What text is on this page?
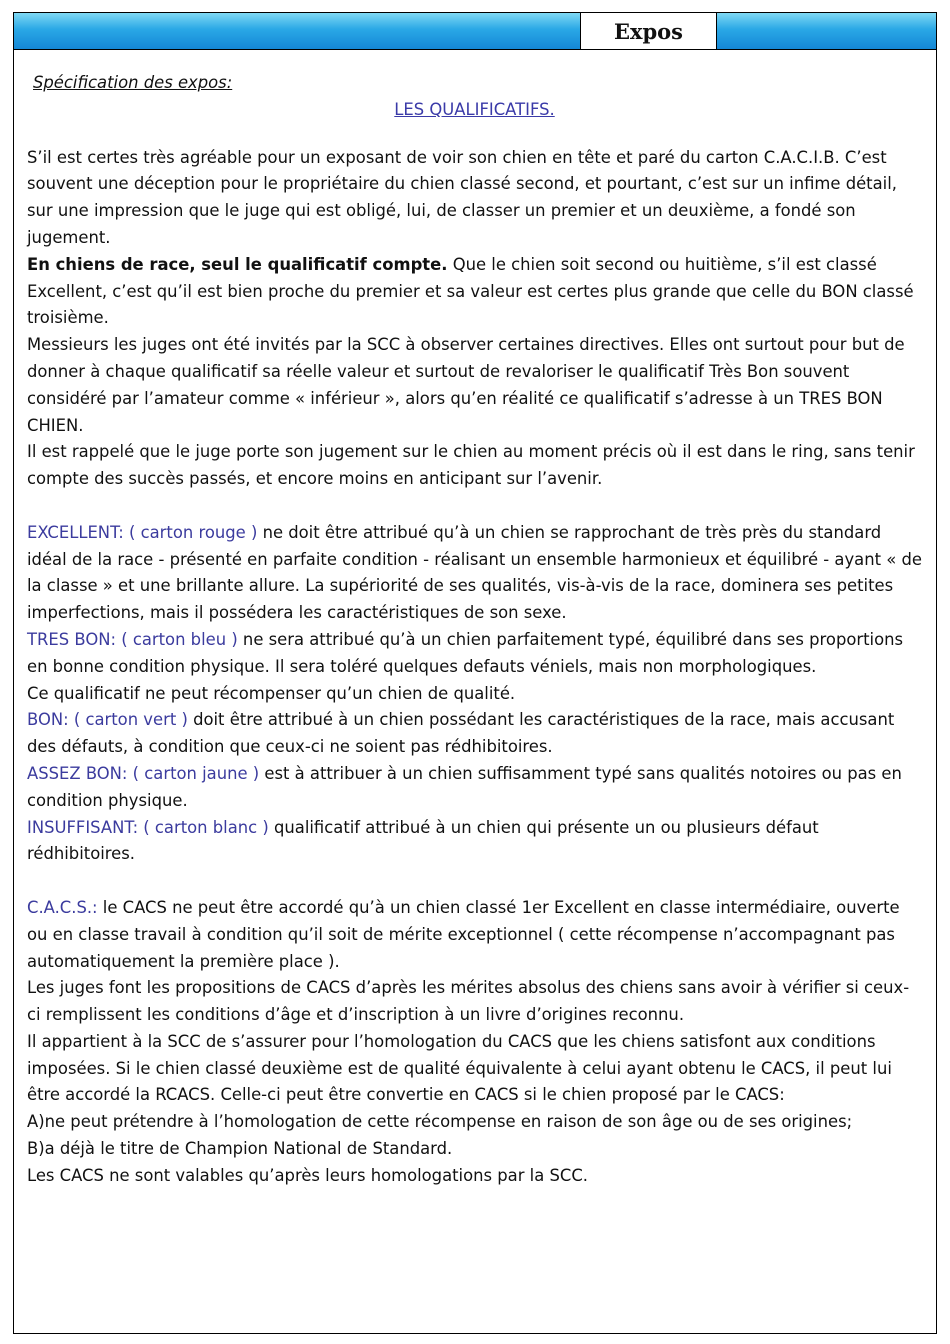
Expos

Spécification des expos:

LES QUALIFICATIFS.

S’il est certes très agréable pour un exposant de voir son chien en tête et paré du carton C.A.C.I.B. C’est souvent une déception pour le propriétaire du chien classé second, et pourtant, c’est sur un infime détail, sur une impression que le juge qui est obligé, lui, de classer un premier et un deuxième, a fondé son jugement.

En chiens de race, seul le qualificatif compte. Que le chien soit second ou huitième, s’il est classé Excellent, c’est qu’il est bien proche du premier et sa valeur est certes plus grande que celle du BON classé troisième.

Messieurs les juges ont été invités par la SCC à observer certaines directives. Elles ont surtout pour but de donner à chaque qualificatif sa réelle valeur et surtout de revaloriser le qualificatif Très Bon souvent considéré par l’amateur comme « inférieur », alors qu’en réalité ce qualificatif s’adresse à un TRES BON CHIEN.

Il est rappelé que le juge porte son jugement sur le chien au moment précis où il est dans le ring, sans tenir compte des succès passés, et encore moins en anticipant sur l’avenir.

EXCELLENT: ( carton rouge ) ne doit être attribué qu’à un chien se rapprochant de très près du standard idéal de la race - présenté en parfaite condition - réalisant un ensemble harmonieux et équilibré - ayant « de la classe » et une brillante allure. La supériorité de ses qualités, vis-à-vis de la race, dominera ses petites imperfections, mais il possédera les caractéristiques de son sexe.

TRES BON: ( carton bleu ) ne sera attribué qu’à un chien parfaitement typé, équilibré dans ses proportions en bonne condition physique. Il sera toléré quelques defauts véniels, mais non morphologiques.

Ce qualificatif ne peut récompenser qu’un chien de qualité.

BON: ( carton vert ) doit être attribué à un chien possédant les caractéristiques de la race, mais accusant des défauts, à condition que ceux-ci ne soient pas rédhibitoires.

ASSEZ BON: ( carton jaune ) est à attribuer à un chien suffisamment typé sans qualités notoires ou pas en condition physique.

INSUFFISANT: ( carton blanc ) qualificatif attribué à un chien qui présente un ou plusieurs défaut rédhibitoires.

C.A.C.S.: le CACS ne peut être accordé qu’à un chien classé 1er Excellent en classe intermédiaire, ouverte ou en classe travail à condition qu’il soit de mérite exceptionnel ( cette récompense n’accompagnant pas automatiquement la première place ).

Les juges font les propositions de CACS d’après les mérites absolus des chiens sans avoir à vérifier si ceux-ci remplissent les conditions d’âge et d’inscription à un livre d’origines reconnu.

Il appartient à la SCC de s’assurer pour l’homologation du CACS que les chiens satisfont aux conditions imposées. Si le chien classé deuxième est de qualité équivalente à celui ayant obtenu le CACS, il peut lui être accordé la RCACS. Celle-ci peut être convertie en CACS si le chien proposé par le CACS:

A)ne peut prétendre à l’homologation de cette récompense en raison de son âge ou de ses origines;

B)a déjà le titre de Champion National de Standard.

Les CACS ne sont valables qu’après leurs homologations par la SCC.
